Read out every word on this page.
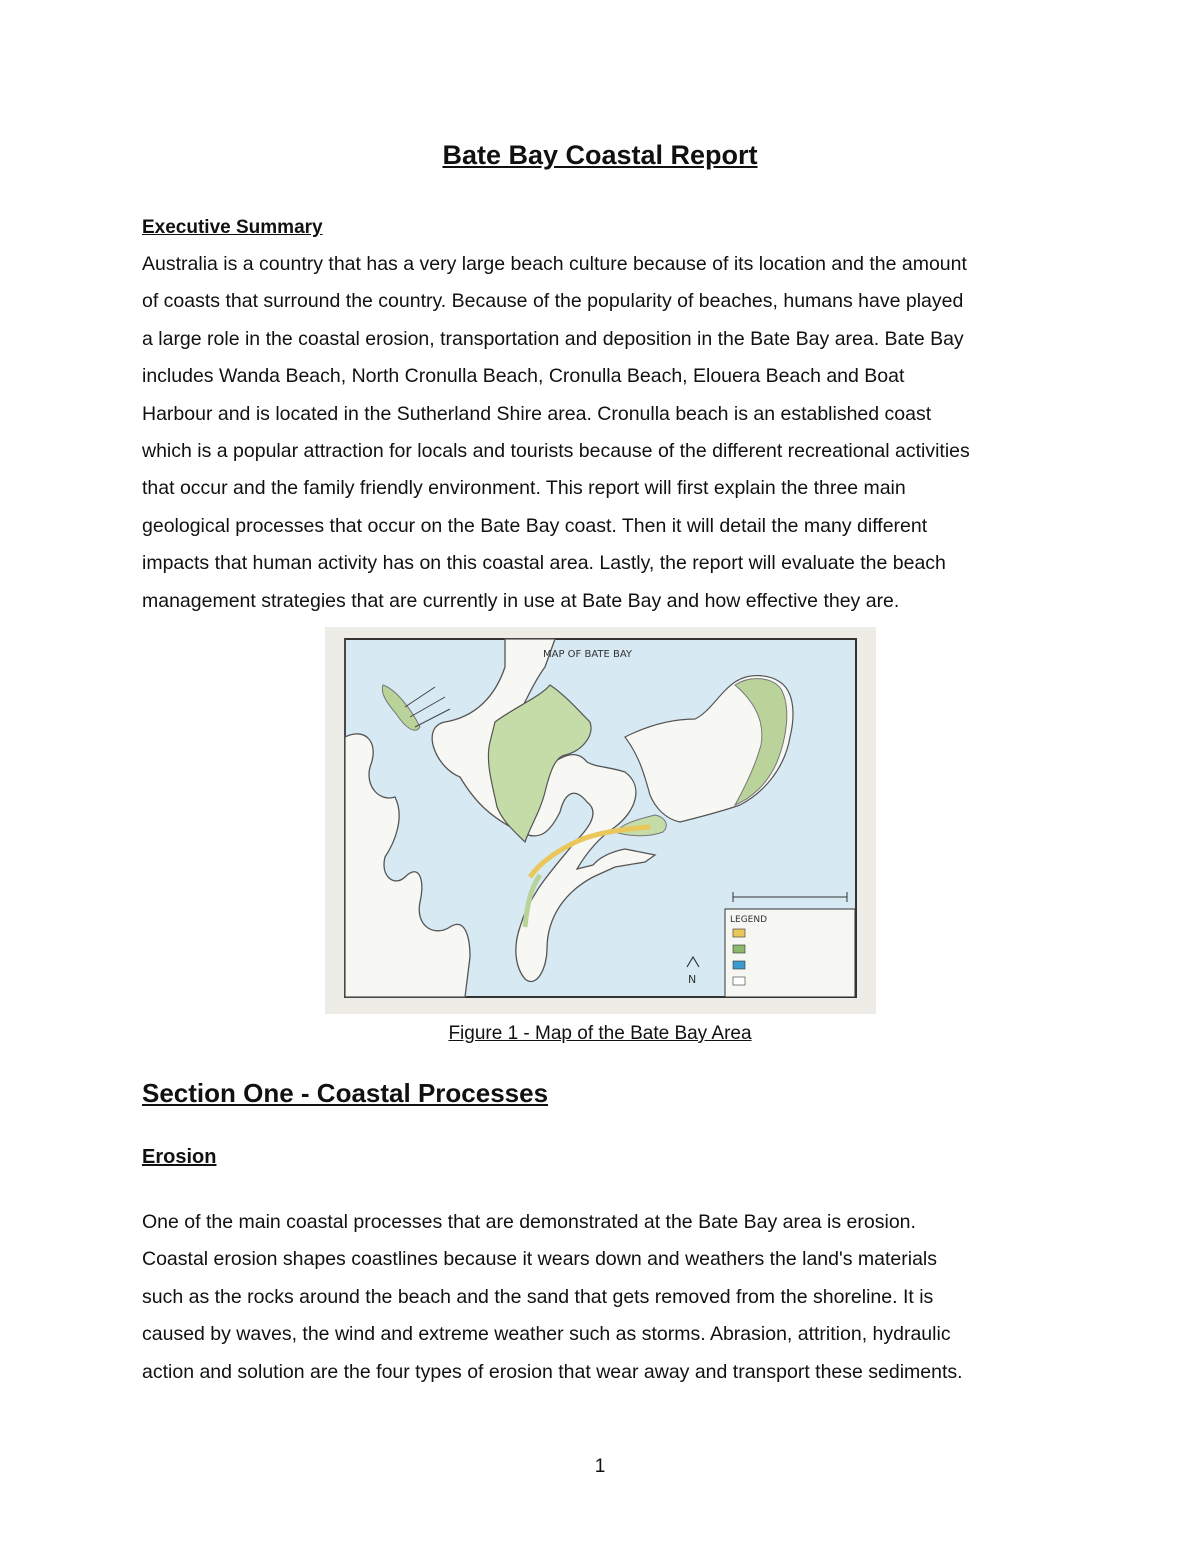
Bate Bay Coastal Report
Executive Summary
Australia is a country that has a very large beach culture because of its location and the amount
of coasts that surround the country. Because of the popularity of beaches, humans have played
a large role in the coastal erosion, transportation and deposition in the Bate Bay area. Bate Bay
includes Wanda Beach, North Cronulla Beach, Cronulla Beach, Elouera Beach and Boat
Harbour and is located in the Sutherland Shire area. Cronulla beach is an established coast
which is a popular attraction for locals and tourists because of the different recreational activities
that occur and the family friendly environment. This report will first explain the three main
geological processes that occur on the Bate Bay coast. Then it will detail the many different
impacts that human activity has on this coastal area. Lastly, the report will evaluate the beach
management strategies that are currently in use at Bate Bay and how effective they are.
MAP OF BATE BAY
LEGEND
N
Figure 1 - Map of the Bate Bay Area
Section One - Coastal Processes
Erosion
One of the main coastal processes that are demonstrated at the Bate Bay area is erosion.
Coastal erosion shapes coastlines because it wears down and weathers the land's materials
such as the rocks around the beach and the sand that gets removed from the shoreline. It is
caused by waves, the wind and extreme weather such as storms. Abrasion, attrition, hydraulic
action and solution are the four types of erosion that wear away and transport these sediments.
1
